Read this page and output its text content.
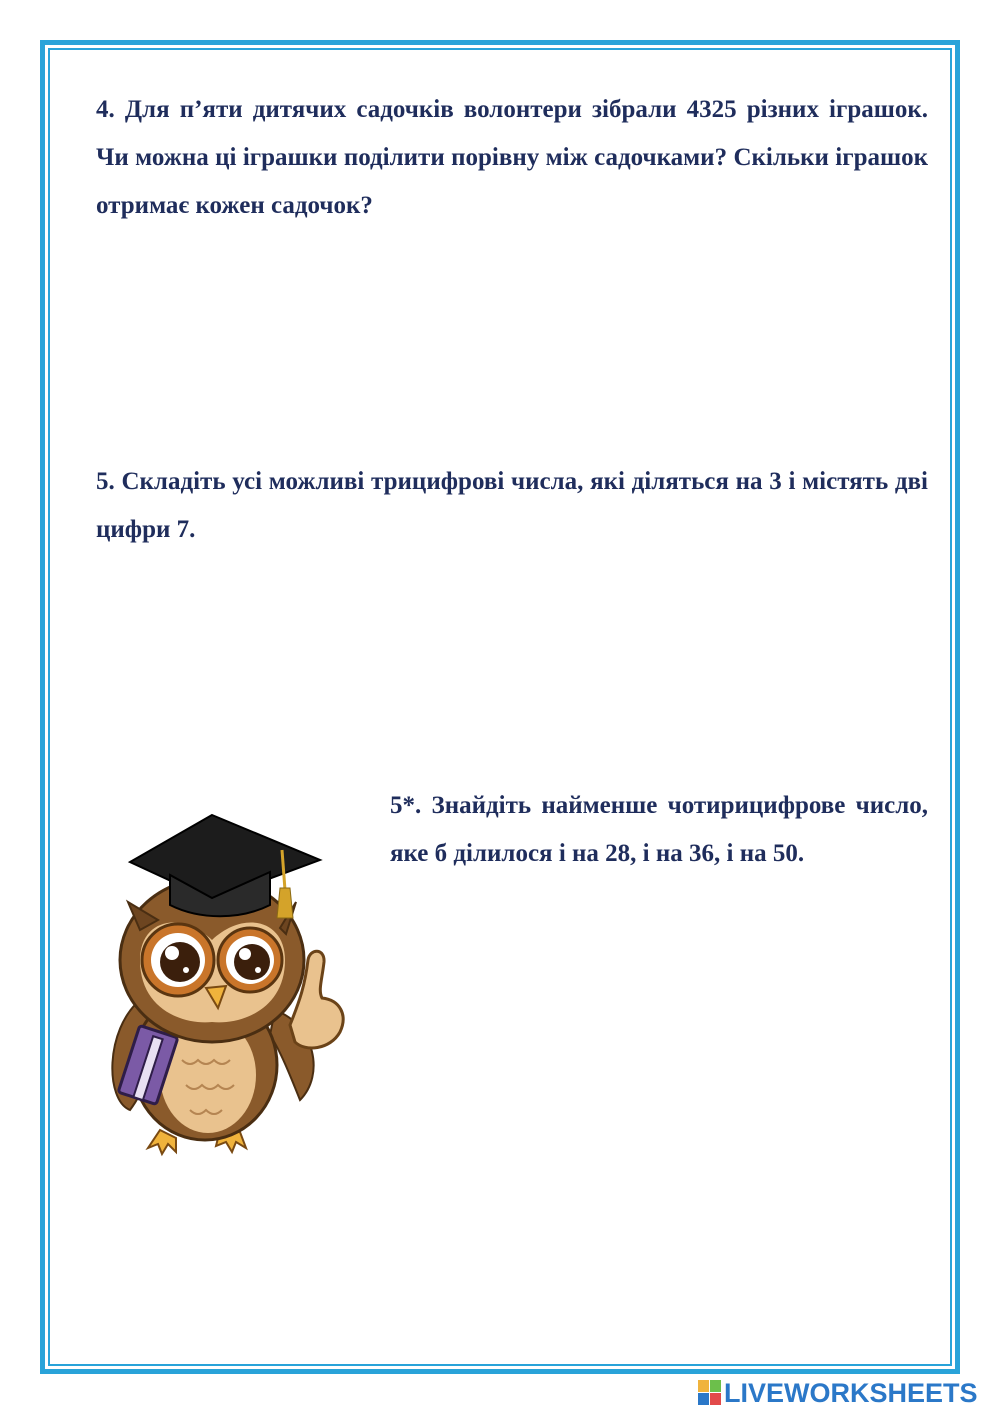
4. Для п’яти дитячих садочків волонтери зібрали 4325 різних іграшок. Чи можна ці іграшки поділити порівну між садочками? Скільки іграшок отримає кожен садочок?

5. Складіть усі можливі трицифрові числа, які діляться на 3 і містять дві цифри 7.

5*. Знайдіть найменше чотирицифрове число, яке б ділилося і на 28, і на 36, і на 50.

LIVEWORKSHEETS
